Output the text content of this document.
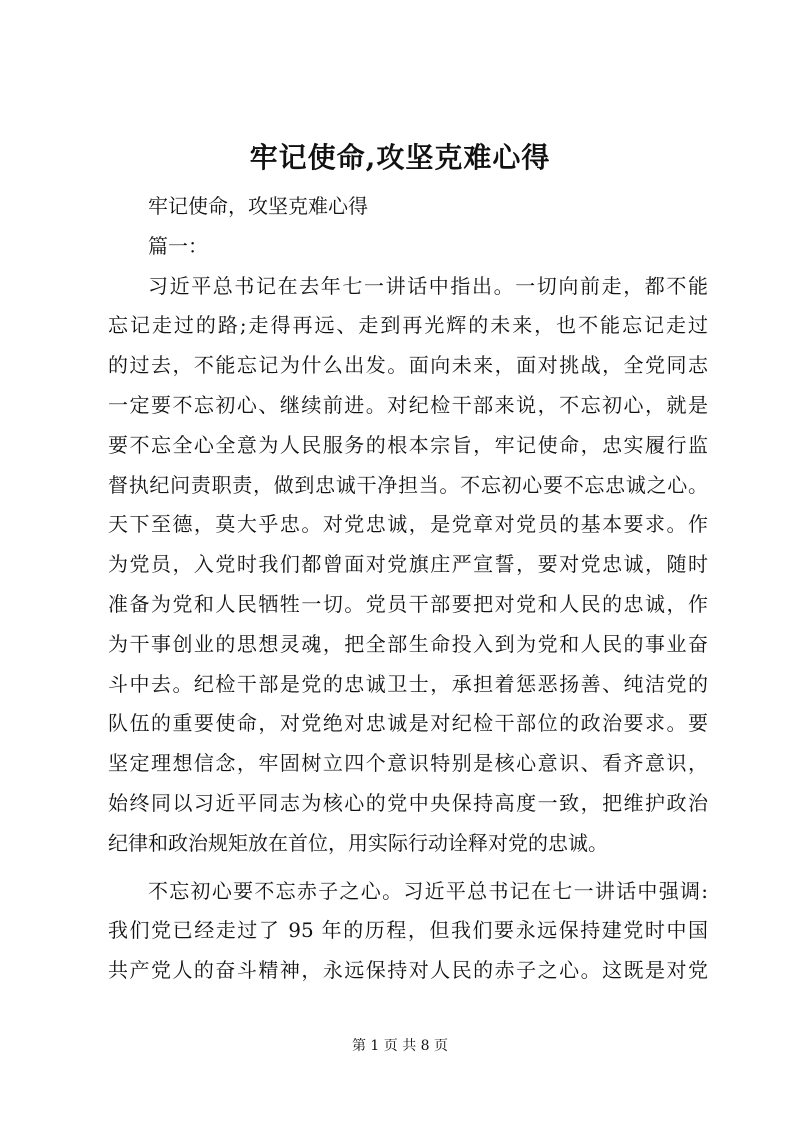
牢记使命,攻坚克难心得
牢记使命，攻坚克难心得
篇一：
习近平总书记在去年七一讲话中指出。一切向前走，都不能
忘记走过的路;走得再远、走到再光辉的未来，也不能忘记走过
的过去，不能忘记为什么出发。面向未来，面对挑战，全党同志
一定要不忘初心、继续前进。对纪检干部来说，不忘初心，就是
要不忘全心全意为人民服务的根本宗旨，牢记使命，忠实履行监
督执纪问责职责，做到忠诚干净担当。不忘初心要不忘忠诚之心。
天下至德，莫大乎忠。对党忠诚，是党章对党员的基本要求。作
为党员，入党时我们都曾面对党旗庄严宣誓，要对党忠诚，随时
准备为党和人民牺牲一切。党员干部要把对党和人民的忠诚，作
为干事创业的思想灵魂，把全部生命投入到为党和人民的事业奋
斗中去。纪检干部是党的忠诚卫士，承担着惩恶扬善、纯洁党的
队伍的重要使命，对党绝对忠诚是对纪检干部位的政治要求。要
坚定理想信念，牢固树立四个意识特别是核心意识、看齐意识，
始终同以习近平同志为核心的党中央保持高度一致，把维护政治
纪律和政治规矩放在首位，用实际行动诠释对党的忠诚。
不忘初心要不忘赤子之心。习近平总书记在七一讲话中强调:
我们党已经走过了 95 年的历程，但我们要永远保持建党时中国
共产党人的奋斗精神，永远保持对人民的赤子之心。这既是对党
第 1 页 共 8 页
